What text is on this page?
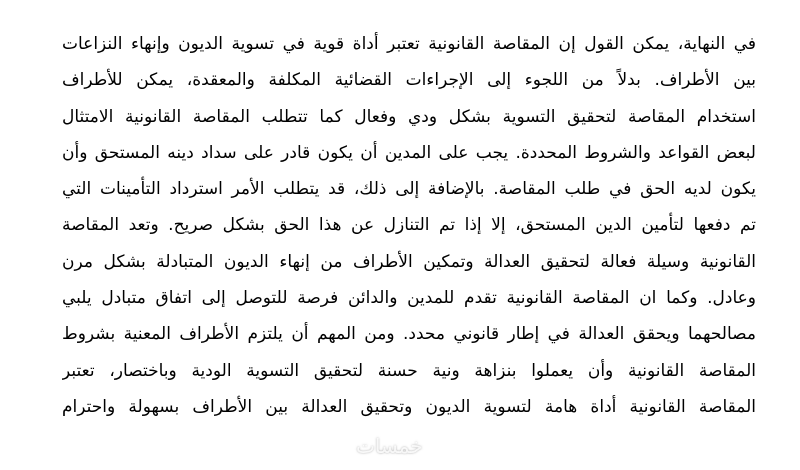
في النهاية، يمكن القول إن المقاصة القانونية تعتبر أداة قوية في تسوية الديون وإنهاء النزاعات
بين الأطراف. بدلاً من اللجوء إلى الإجراءات القضائية المكلفة والمعقدة، يمكن للأطراف
استخدام المقاصة لتحقيق التسوية بشكل ودي وفعال كما تتطلب المقاصة القانونية الامتثال
لبعض القواعد والشروط المحددة. يجب على المدين أن يكون قادر على سداد دينه المستحق وأن
يكون لديه الحق في طلب المقاصة. بالإضافة إلى ذلك، قد يتطلب الأمر استرداد التأمينات التي
تم دفعها لتأمين الدين المستحق، إلا إذا تم التنازل عن هذا الحق بشكل صريح. وتعد المقاصة
القانونية وسيلة فعالة لتحقيق العدالة وتمكين الأطراف من إنهاء الديون المتبادلة بشكل مرن
وعادل. وكما ان المقاصة القانونية تقدم للمدين والدائن فرصة للتوصل إلى اتفاق متبادل يلبي
مصالحهما ويحقق العدالة في إطار قانوني محدد. ومن المهم أن يلتزم الأطراف المعنية بشروط
المقاصة القانونية وأن يعملوا بنزاهة ونية حسنة لتحقيق التسوية الودية وباختصار، تعتبر
المقاصة القانونية أداة هامة لتسوية الديون وتحقيق العدالة بين الأطراف بسهولة واحترام
خمسات
